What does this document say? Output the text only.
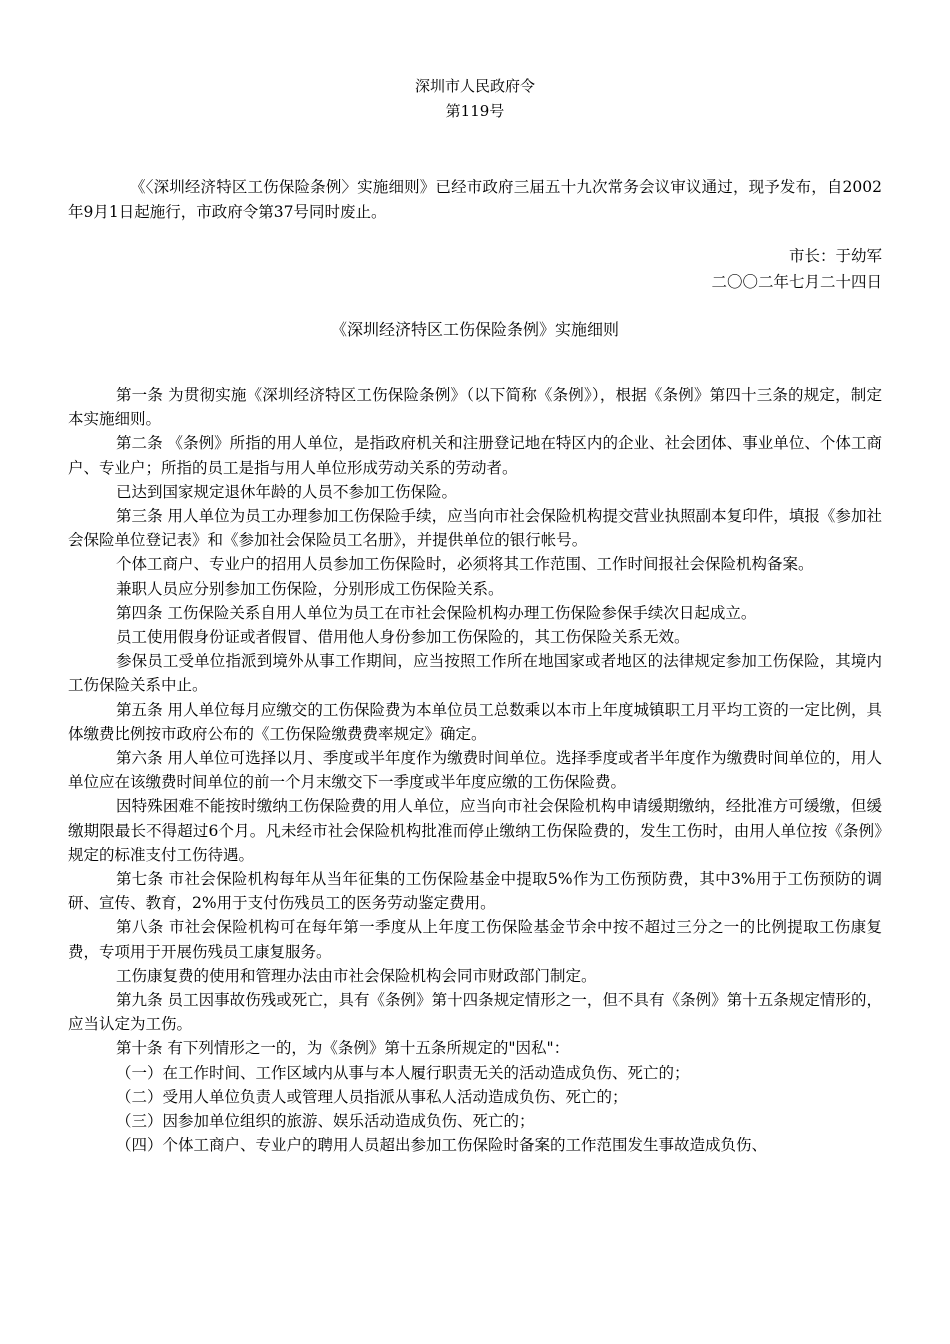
深圳市人民政府令
第119号
《〈深圳经济特区工伤保险条例〉实施细则》已经市政府三届五十九次常务会议审议通过，现予发布，自2002年9月1日起施行，市政府令第37号同时废止。
市长：于幼军
二〇〇二年七月二十四日
《深圳经济特区工伤保险条例》实施细则

第一条 为贯彻实施《深圳经济特区工伤保险条例》（以下简称《条例》），根据《条例》第四十三条的规定，制定本实施细则。

第二条 《条例》所指的用人单位，是指政府机关和注册登记地在特区内的企业、社会团体、事业单位、个体工商户、专业户；所指的员工是指与用人单位形成劳动关系的劳动者。

已达到国家规定退休年龄的人员不参加工伤保险。

第三条 用人单位为员工办理参加工伤保险手续，应当向市社会保险机构提交营业执照副本复印件，填报《参加社会保险单位登记表》和《参加社会保险员工名册》，并提供单位的银行帐号。

个体工商户、专业户的招用人员参加工伤保险时，必须将其工作范围、工作时间报社会保险机构备案。

兼职人员应分别参加工伤保险，分别形成工伤保险关系。

第四条 工伤保险关系自用人单位为员工在市社会保险机构办理工伤保险参保手续次日起成立。

员工使用假身份证或者假冒、借用他人身份参加工伤保险的，其工伤保险关系无效。

参保员工受单位指派到境外从事工作期间，应当按照工作所在地国家或者地区的法律规定参加工伤保险，其境内工伤保险关系中止。

第五条 用人单位每月应缴交的工伤保险费为本单位员工总数乘以本市上年度城镇职工月平均工资的一定比例，具体缴费比例按市政府公布的《工伤保险缴费费率规定》确定。

第六条 用人单位可选择以月、季度或半年度作为缴费时间单位。选择季度或者半年度作为缴费时间单位的，用人单位应在该缴费时间单位的前一个月末缴交下一季度或半年度应缴的工伤保险费。

因特殊困难不能按时缴纳工伤保险费的用人单位，应当向市社会保险机构申请缓期缴纳，经批准方可缓缴，但缓缴期限最长不得超过6个月。凡未经市社会保险机构批准而停止缴纳工伤保险费的，发生工伤时，由用人单位按《条例》规定的标准支付工伤待遇。

第七条 市社会保险机构每年从当年征集的工伤保险基金中提取5%作为工伤预防费，其中3%用于工伤预防的调研、宣传、教育，2%用于支付伤残员工的医务劳动鉴定费用。

第八条 市社会保险机构可在每年第一季度从上年度工伤保险基金节余中按不超过三分之一的比例提取工伤康复费，专项用于开展伤残员工康复服务。

工伤康复费的使用和管理办法由市社会保险机构会同市财政部门制定。

第九条 员工因事故伤残或死亡，具有《条例》第十四条规定情形之一，但不具有《条例》第十五条规定情形的，应当认定为工伤。

第十条 有下列情形之一的，为《条例》第十五条所规定的"因私"：

（一）在工作时间、工作区域内从事与本人履行职责无关的活动造成负伤、死亡的；

（二）受用人单位负责人或管理人员指派从事私人活动造成负伤、死亡的；

（三）因参加单位组织的旅游、娱乐活动造成负伤、死亡的；

（四）个体工商户、专业户的聘用人员超出参加工伤保险时备案的工作范围发生事故造成负伤、
